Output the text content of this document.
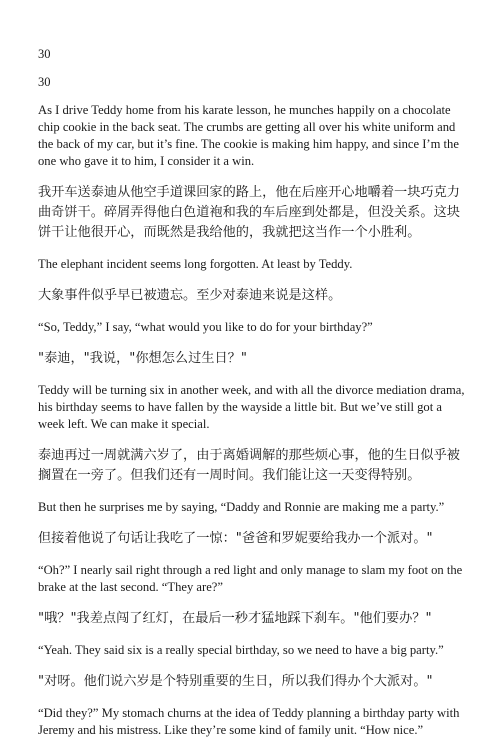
30
30

As I drive Teddy home from his karate lesson, he munches happily on a chocolate chip cookie in the back seat. The crumbs are getting all over his white uniform and the back of my car, but it’s fine. The cookie is making him happy, and since I’m the one who gave it to him, I consider it a win.

我开车送泰迪从他空手道课回家的路上，他在后座开心地嚼着一块巧克力曲奇饼干。碎屑弄得他白色道袍和我的车后座到处都是，但没关系。这块饼干让他很开心，而既然是我给他的，我就把这当作一个小胜利。

The elephant incident seems long forgotten. At least by Teddy.

大象事件似乎早已被遗忘。至少对泰迪来说是这样。

“So, Teddy,” I say, “what would you like to do for your birthday?”

"泰迪，"我说，"你想怎么过生日？"

Teddy will be turning six in another week, and with all the divorce mediation drama, his birthday seems to have fallen by the wayside a little bit. But we’ve still got a week left. We can make it special.

泰迪再过一周就满六岁了，由于离婚调解的那些烦心事，他的生日似乎被搁置在一旁了。但我们还有一周时间。我们能让这一天变得特别。

But then he surprises me by saying, “Daddy and Ronnie are making me a party.”

但接着他说了句话让我吃了一惊："爸爸和罗妮要给我办一个派对。"

“Oh?” I nearly sail right through a red light and only manage to slam my foot on the brake at the last second. “They are?”

"哦？"我差点闯了红灯，在最后一秒才猛地踩下刹车。"他们要办？"

“Yeah. They said six is a really special birthday, so we need to have a big party.”

"对呀。他们说六岁是个特别重要的生日，所以我们得办个大派对。"

“Did they?” My stomach churns at the idea of Teddy planning a birthday party with Jeremy and his mistress. Like they’re some kind of family unit. “How nice.”
